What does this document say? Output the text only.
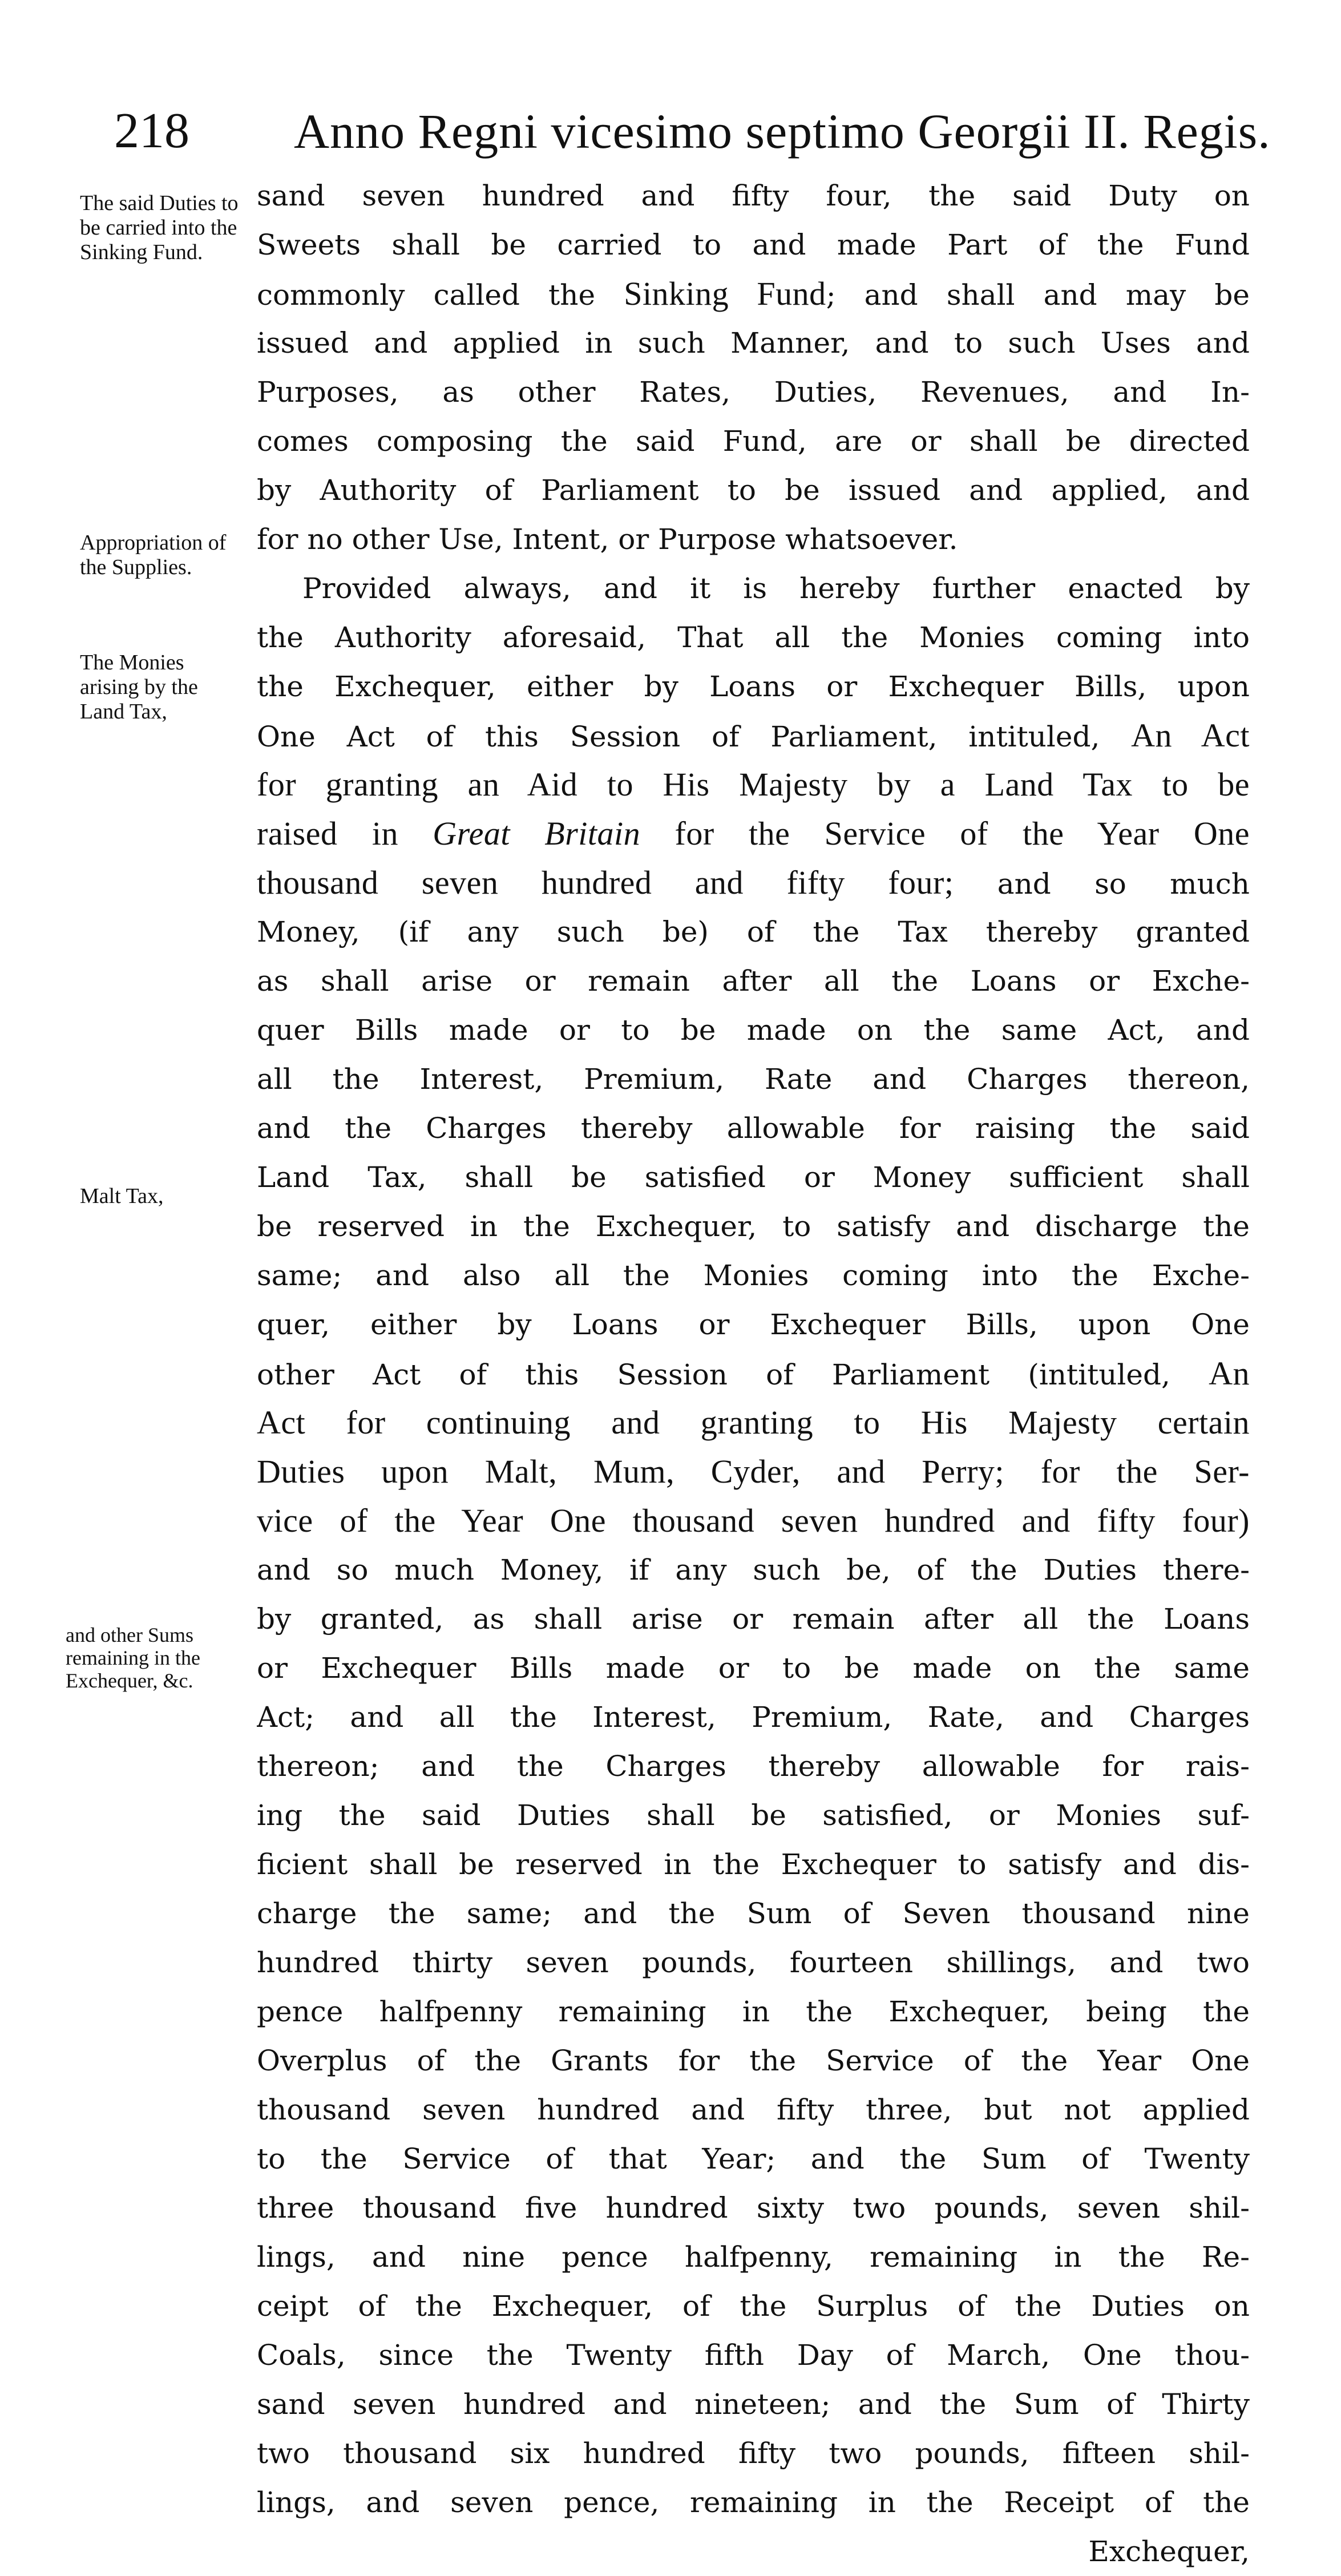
218 Anno Regni vicesimo septimo Georgii II. Regis.
The said Duties to be carried into the Sinking Fund.
Appropriation of the Supplies.
The Monies arising by the Land Tax,
Malt Tax,
and other Sums remaining in the Exchequer, &c.
sand seven hundred and fifty four, the said Duty on
Sweets shall be carried to and made Part of the Fund
commonly called the Sinking Fund; and shall and may be
issued and applied in such Manner, and to such Uses and
Purposes, as other Rates, Duties, Revenues, and In-
comes composing the said Fund, are or shall be directed
by Authority of Parliament to be issued and applied, and
for no other Use, Intent, or Purpose whatsoever.
Provided always, and it is hereby further enacted by
the Authority aforesaid, That all the Monies coming into
the Exchequer, either by Loans or Exchequer Bills, upon
One Act of this Session of Parliament, intituled, An Act
for granting an Aid to His Majesty by a Land Tax to be
raised in Great Britain for the Service of the Year One
thousand seven hundred and fifty four; and so much
Money, (if any such be) of the Tax thereby granted
as shall arise or remain after all the Loans or Exche-
quer Bills made or to be made on the same Act, and
all the Interest, Premium, Rate and Charges thereon,
and the Charges thereby allowable for raising the said
Land Tax, shall be satisfied or Money sufficient shall
be reserved in the Exchequer, to satisfy and discharge the
same; and also all the Monies coming into the Exche-
quer, either by Loans or Exchequer Bills, upon One
other Act of this Session of Parliament (intituled, An
Act for continuing and granting to His Majesty certain
Duties upon Malt, Mum, Cyder, and Perry; for the Ser-
vice of the Year One thousand seven hundred and fifty four)
and so much Money, if any such be, of the Duties there-
by granted, as shall arise or remain after all the Loans
or Exchequer Bills made or to be made on the same
Act; and all the Interest, Premium, Rate, and Charges
thereon; and the Charges thereby allowable for rais-
ing the said Duties shall be satisfied, or Monies suf-
ficient shall be reserved in the Exchequer to satisfy and dis-
charge the same; and the Sum of Seven thousand nine
hundred thirty seven pounds, fourteen shillings, and two
pence halfpenny remaining in the Exchequer, being the
Overplus of the Grants for the Service of the Year One
thousand seven hundred and fifty three, but not applied
to the Service of that Year; and the Sum of Twenty
three thousand five hundred sixty two pounds, seven shil-
lings, and nine pence halfpenny, remaining in the Re-
ceipt of the Exchequer, of the Surplus of the Duties on
Coals, since the Twenty fifth Day of March, One thou-
sand seven hundred and nineteen; and the Sum of Thirty
two thousand six hundred fifty two pounds, fifteen shil-
lings, and seven pence, remaining in the Receipt of the
Exchequer,
